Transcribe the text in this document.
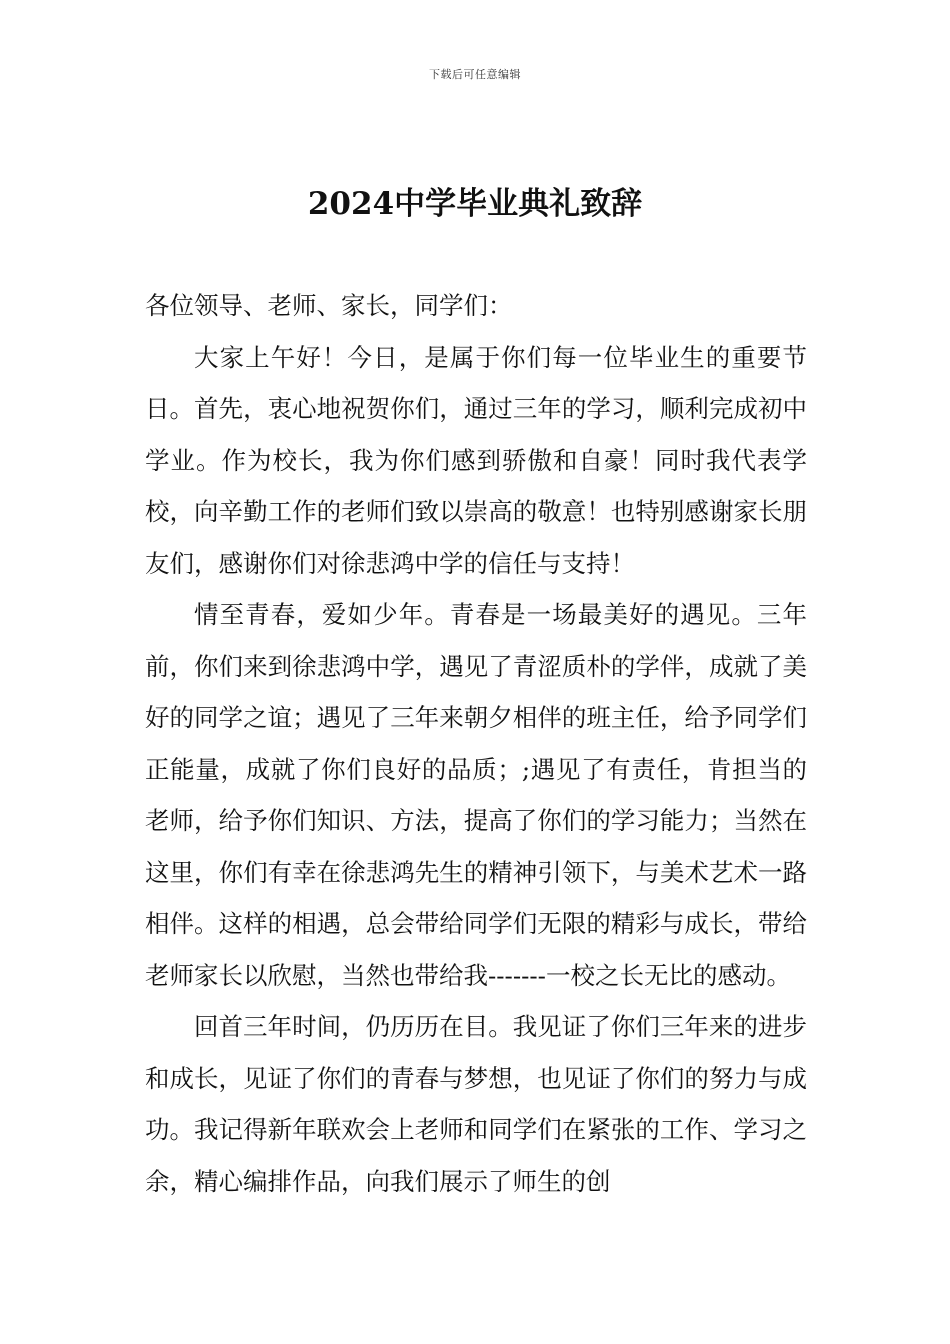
下载后可任意编辑
2024中学毕业典礼致辞

各位领导、老师、家长，同学们：

大家上午好！今日，是属于你们每一位毕业生的重要节日。首先，衷心地祝贺你们，通过三年的学习，顺利完成初中学业。作为校长，我为你们感到骄傲和自豪！同时我代表学校，向辛勤工作的老师们致以崇高的敬意！也特别感谢家长朋友们，感谢你们对徐悲鸿中学的信任与支持！

情至青春，爱如少年。青春是一场最美好的遇见。三年前，你们来到徐悲鸿中学，遇见了青涩质朴的学伴，成就了美好的同学之谊；遇见了三年来朝夕相伴的班主任，给予同学们正能量，成就了你们良好的品质；;遇见了有责任，肯担当的老师，给予你们知识、方法，提高了你们的学习能力；当然在这里，你们有幸在徐悲鸿先生的精神引领下，与美术艺术一路相伴。这样的相遇，总会带给同学们无限的精彩与成长，带给老师家长以欣慰，当然也带给我-------一校之长无比的感动。

回首三年时间，仍历历在目。我见证了你们三年来的进步和成长，见证了你们的青春与梦想，也见证了你们的努力与成功。我记得新年联欢会上老师和同学们在紧张的工作、学习之余，精心编排作品，向我们展示了师生的创
